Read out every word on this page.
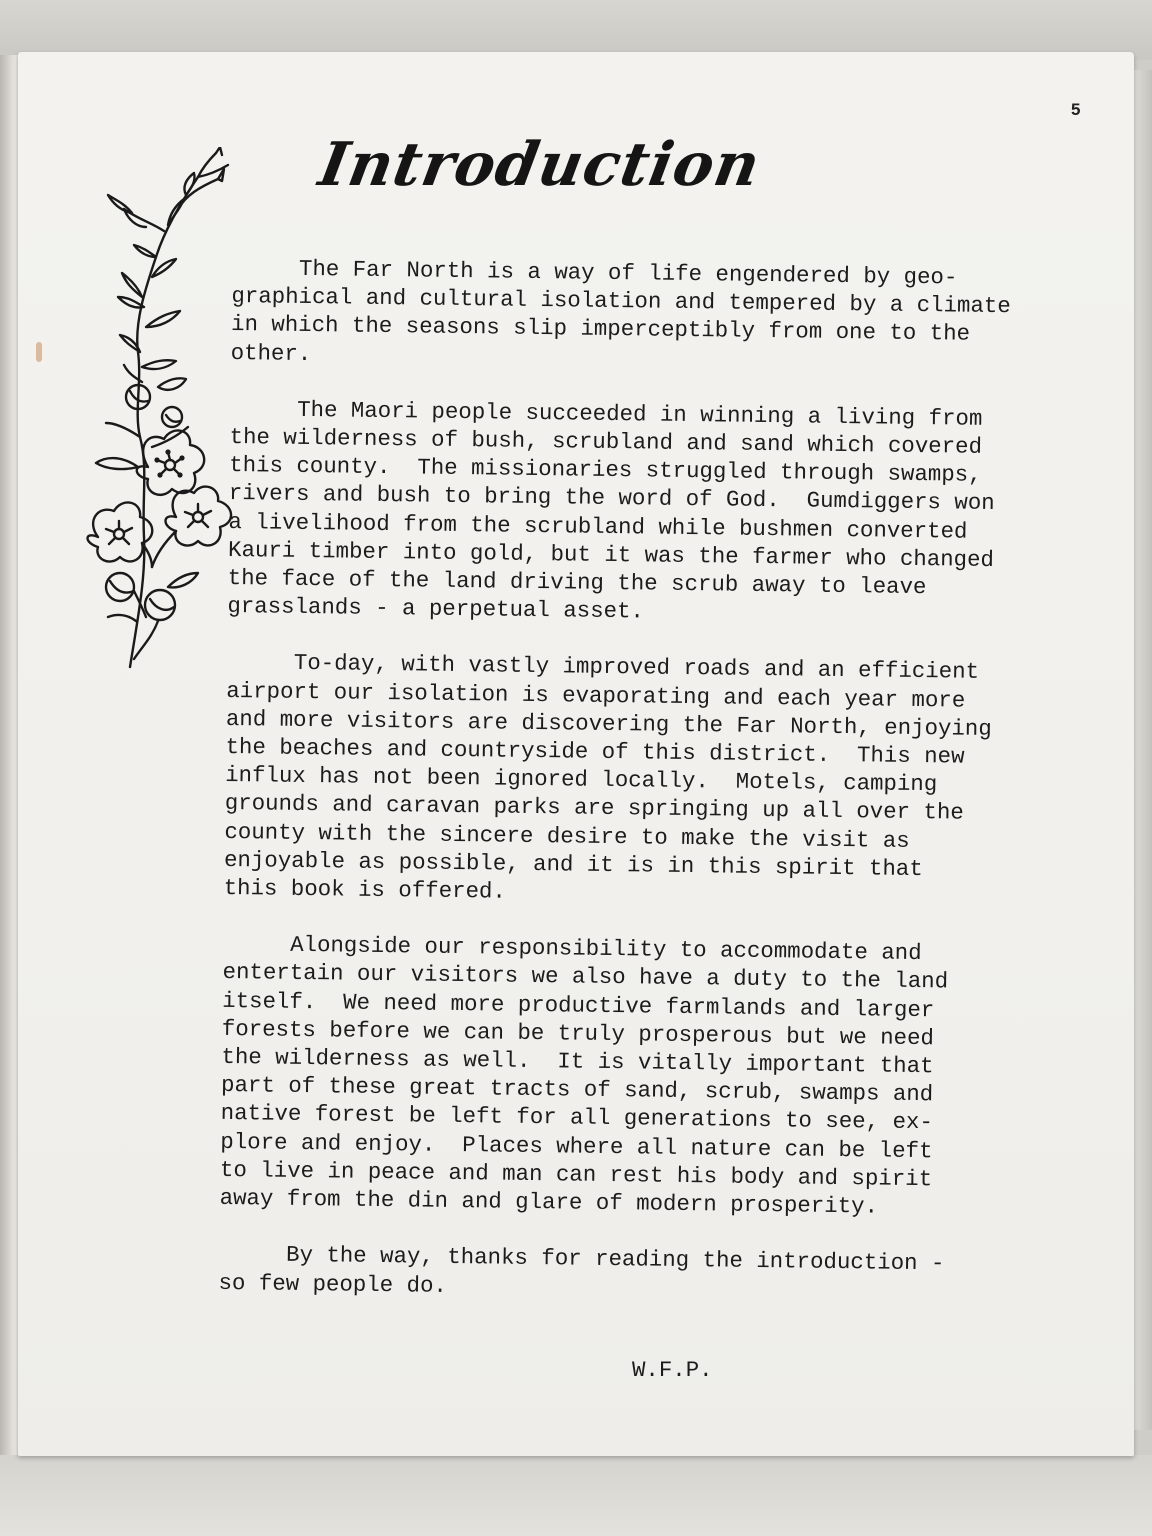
5
Introduction

The Far North is a way of life engendered by geo-
graphical and cultural isolation and tempered by a climate
in which the seasons slip imperceptibly from one to the
other.

The Maori people succeeded in winning a living from
the wilderness of bush, scrubland and sand which covered
this county.  The missionaries struggled through swamps,
rivers and bush to bring the word of God.  Gumdiggers won
a livelihood from the scrubland while bushmen converted
Kauri timber into gold, but it was the farmer who changed
the face of the land driving the scrub away to leave
grasslands - a perpetual asset.

To-day, with vastly improved roads and an efficient
airport our isolation is evaporating and each year more
and more visitors are discovering the Far North, enjoying
the beaches and countryside of this district.  This new
influx has not been ignored locally.  Motels, camping
grounds and caravan parks are springing up all over the
county with the sincere desire to make the visit as
enjoyable as possible, and it is in this spirit that
this book is offered.

Alongside our responsibility to accommodate and
entertain our visitors we also have a duty to the land
itself.  We need more productive farmlands and larger
forests before we can be truly prosperous but we need
the wilderness as well.  It is vitally important that
part of these great tracts of sand, scrub, swamps and
native forest be left for all generations to see, ex-
plore and enjoy.  Places where all nature can be left
to live in peace and man can rest his body and spirit
away from the din and glare of modern prosperity.

By the way, thanks for reading the introduction -
so few people do.

W.F.P.
